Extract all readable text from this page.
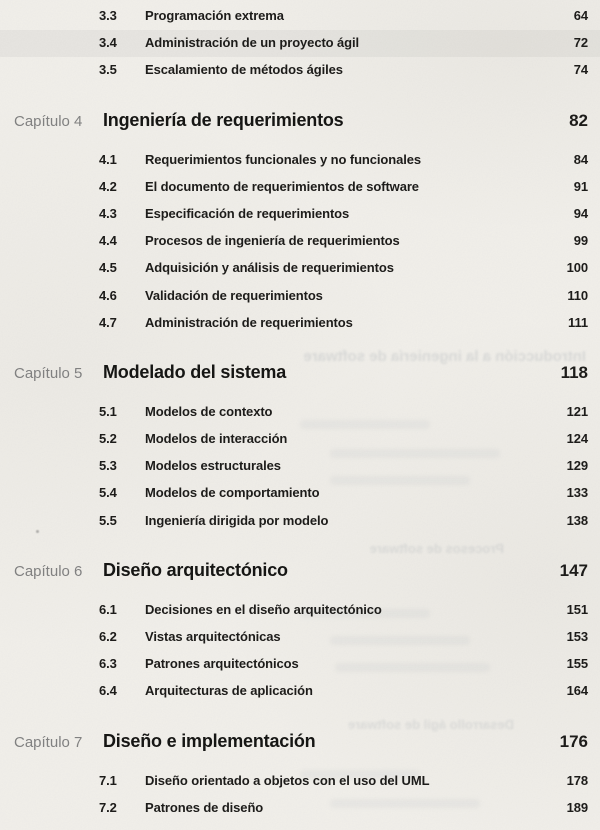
Introducción a la ingeniería de software
Procesos de software
Desarrollo ágil de software
3.3	Programación extrema	64
3.4	Administración de un proyecto ágil	72
3.5	Escalamiento de métodos ágiles	74
Capítulo 4	Ingeniería de requerimientos	82
4.1	Requerimientos funcionales y no funcionales	84
4.2	El documento de requerimientos de software	91
4.3	Especificación de requerimientos	94
4.4	Procesos de ingeniería de requerimientos	99
4.5	Adquisición y análisis de requerimientos	100
4.6	Validación de requerimientos	110
4.7	Administración de requerimientos	111
Capítulo 5	Modelado del sistema	118
5.1	Modelos de contexto	121
5.2	Modelos de interacción	124
5.3	Modelos estructurales	129
5.4	Modelos de comportamiento	133
5.5	Ingeniería dirigida por modelo	138
Capítulo 6	Diseño arquitectónico	147
6.1	Decisiones en el diseño arquitectónico	151
6.2	Vistas arquitectónicas	153
6.3	Patrones arquitectónicos	155
6.4	Arquitecturas de aplicación	164
Capítulo 7	Diseño e implementación	176
7.1	Diseño orientado a objetos con el uso del UML	178
7.2	Patrones de diseño	189
